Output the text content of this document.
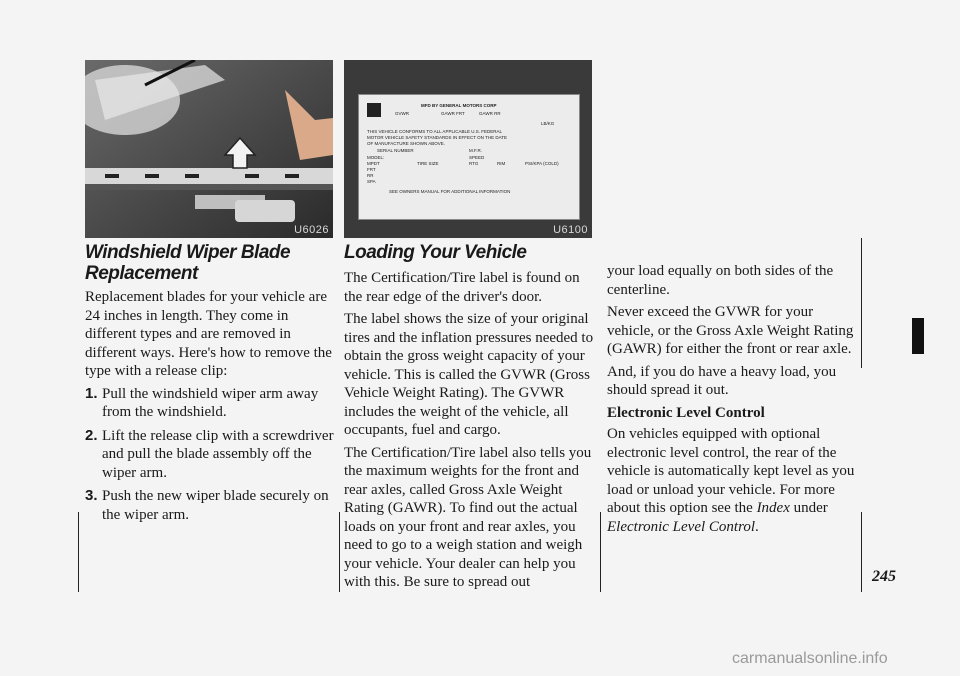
U6026
MFD BY GENERAL MOTORS CORP
GVWR	GAWR FRT	GAWR RR
LB/KG
THIS VEHICLE CONFORMS TO ALL APPLICABLE U.S. FEDERAL
MOTOR VEHICLE SAFETY STANDARDS IN EFFECT ON THE DATE
OF MANUFACTURE SHOWN ABOVE.
SERIAL NUMBER	M.F.R.
MODEL:	SPEED
MPDT	TIRE SIZE	RTG	RIM	PSI/KPA (COLD)
FRT
RR
SPA
SEE OWNERS MANUAL FOR ADDITIONAL INFORMATION
U6100
Windshield Wiper Blade Replacement

Replacement blades for your vehicle are 24 inches in length. They come in different types and are removed in different ways. Here's how to remove the type with a release clip:

1. Pull the windshield wiper arm away from the windshield.
2. Lift the release clip with a screwdriver and pull the blade assembly off the wiper arm.
3. Push the new wiper blade securely on the wiper arm.
Loading Your Vehicle

The Certification/Tire label is found on the rear edge of the driver's door.

The label shows the size of your original tires and the inflation pressures needed to obtain the gross weight capacity of your vehicle. This is called the GVWR (Gross Vehicle Weight Rating). The GVWR includes the weight of the vehicle, all occupants, fuel and cargo.

The Certification/Tire label also tells you the maximum weights for the front and rear axles, called Gross Axle Weight Rating (GAWR). To find out the actual loads on your front and rear axles, you need to go to a weigh station and weigh your vehicle. Your dealer can help you with this. Be sure to spread out

your load equally on both sides of the centerline.

Never exceed the GVWR for your vehicle, or the Gross Axle Weight Rating (GAWR) for either the front or rear axle.

And, if you do have a heavy load, you should spread it out.

Electronic Level Control

On vehicles equipped with optional electronic level control, the rear of the vehicle is automatically kept level as you load or unload your vehicle. For more about this option see the Index under Electronic Level Control.

245
carmanualsonline.info
